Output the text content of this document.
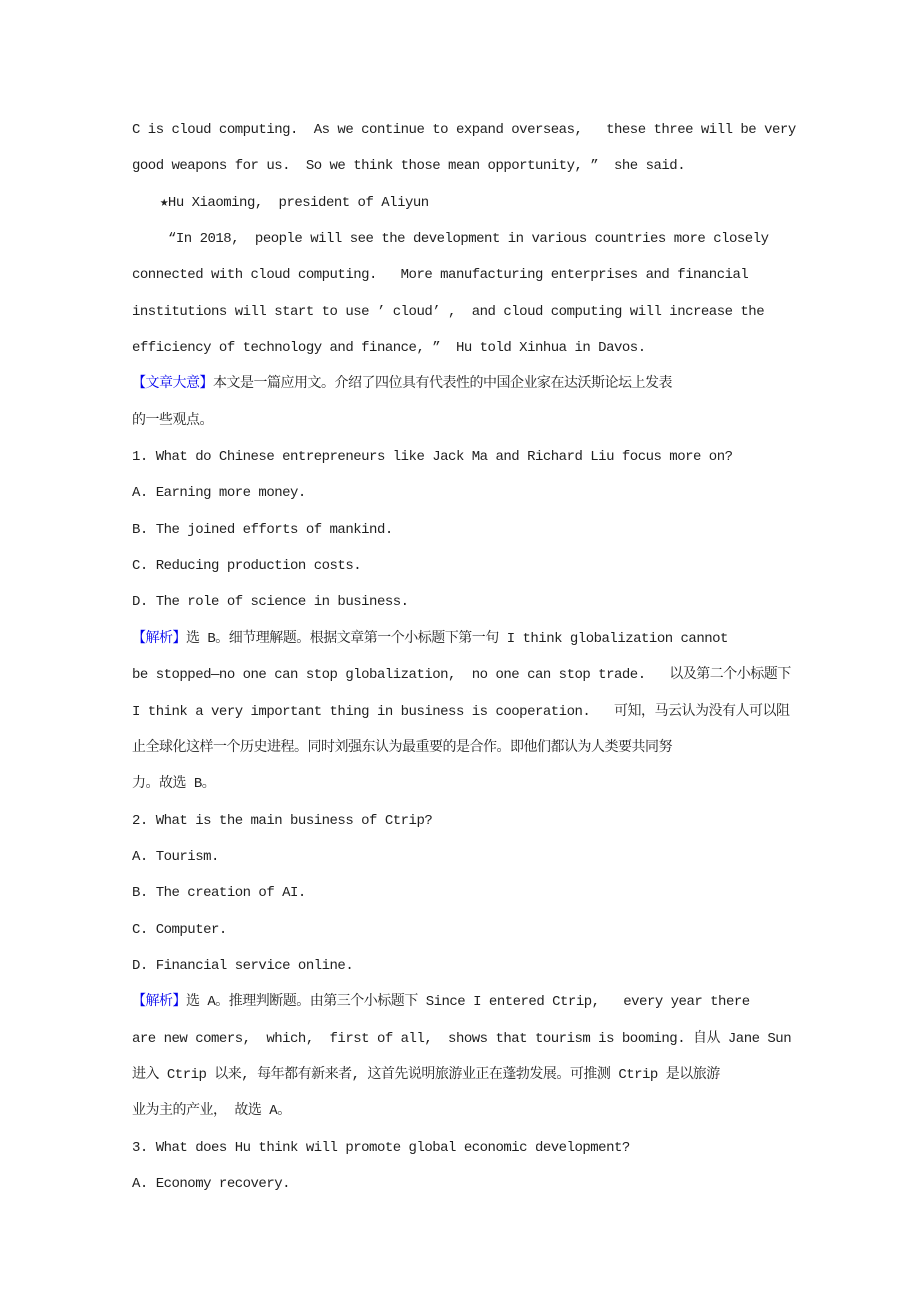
C is cloud computing.  As we continue to expand overseas,   these three will be very
good weapons for us.  So we think those mean opportunity, ”  she said.
★Hu Xiaoming,  president of Aliyun
“In 2018,  people will see the development in various countries more closely
connected with cloud computing.   More manufacturing enterprises and financial
institutions will start to use ’ cloud’ ,  and cloud computing will increase the
efficiency of technology and finance, ”  Hu told Xinhua in Davos.
【文章大意】本文是一篇应用文。介绍了四位具有代表性的中国企业家在达沃斯论坛上发表
的一些观点。
1. What do Chinese entrepreneurs like Jack Ma and Richard Liu focus more on?
A. Earning more money.
B. The joined efforts of mankind.
C. Reducing production costs.
D. The role of science in business.
【解析】选 B。细节理解题。根据文章第一个小标题下第一句 I think globalization cannot
be stopped—no one can stop globalization,  no one can stop trade.   以及第二个小标题下
I think a very important thing in business is cooperation.   可知，马云认为没有人可以阻
止全球化这样一个历史进程。同时刘强东认为最重要的是合作。即他们都认为人类要共同努
力。故选 B。
2. What is the main business of Ctrip?
A. Tourism.
B. The creation of AI.
C. Computer.
D. Financial service online.
【解析】选 A。推理判断题。由第三个小标题下 Since I entered Ctrip,   every year there
are new comers,  which,  first of all,  shows that tourism is booming. 自从 Jane Sun
进入 Ctrip 以来, 每年都有新来者, 这首先说明旅游业正在蓬勃发展。可推测 Ctrip 是以旅游
业为主的产业， 故选 A。
3. What does Hu think will promote global economic development?
A. Economy recovery.
